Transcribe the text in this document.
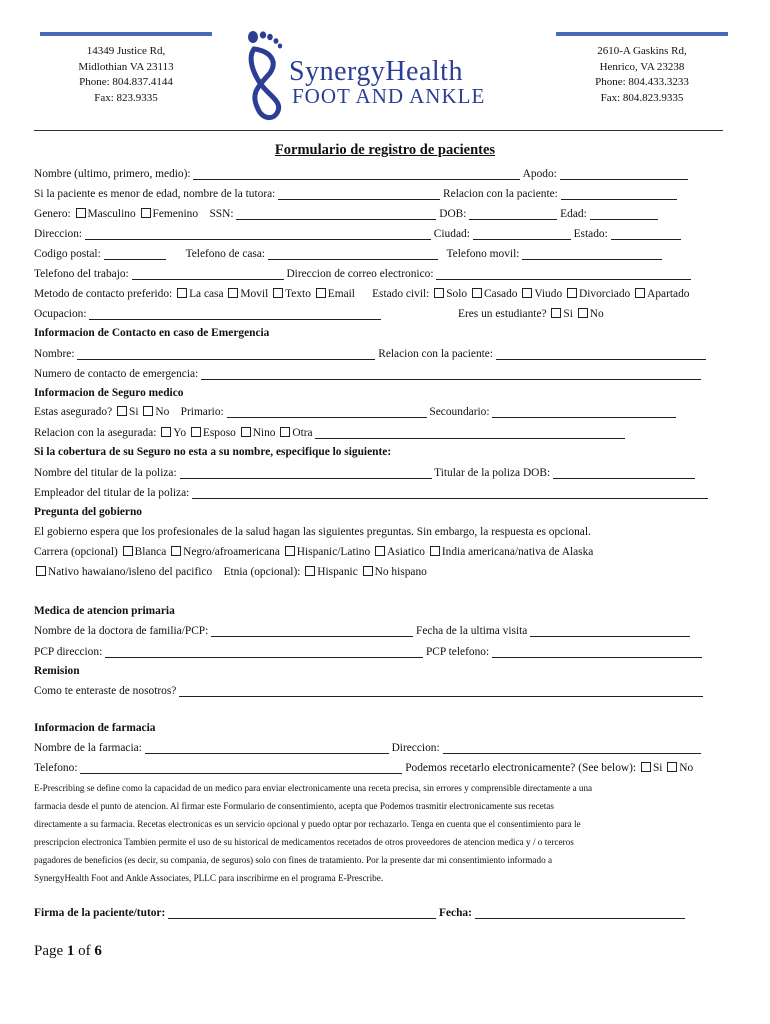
14349 Justice Rd,
Midlothian VA 23113
Phone: 804.837.4144
Fax: 823.9335
2610-A Gaskins Rd,
Henrico, VA 23238
Phone: 804.433.3233
Fax: 804.823.9335
SynergyHealth
FOOT AND ANKLE
Formulario de registro de pacientes
Nombre (ultimo, primero, medio):	Apodo:
Si la paciente es menor de edad, nombre de la tutora:	Relacion con la paciente:
Genero: Masculino Femenino SSN:	DOB:	Edad:
Direccion:	Ciudad:	Estado:
Codigo postal:	Telefono de casa:	Telefono movil:
Telefono del trabajo:	Direccion de correo electronico:
Metodo de contacto preferido: La casa Movil Texto Email Estado civil: Solo Casado Viudo Divorciado Apartado
Ocupacion:	Eres un estudiante? Si No
Informacion de Contacto en caso de Emergencia
Nombre:	Relacion con la paciente:
Numero de contacto de emergencia:
Informacion de Seguro medico
Estas asegurado? Si No Primario:	Secoundario:
Relacion con la asegurada: Yo Esposo Nino Otra
Si la cobertura de su Seguro no esta a su nombre, especifique lo siguiente:
Nombre del titular de la poliza:	Titular de la poliza DOB:
Empleador del titular de la poliza:
Pregunta del gobierno
El gobierno espera que los profesionales de la salud hagan las siguientes preguntas. Sin embargo, la respuesta es opcional.
Carrera (opcional) Blanca Negro/afroamericana Hispanic/Latino Asiatico India americana/nativa de Alaska
Nativo hawaiano/isleno del pacifico Etnia (opcional): Hispanic No hispano
Medica de atencion primaria
Nombre de la doctora de familia/PCP:	Fecha de la ultima visita
PCP direccion:	PCP telefono:
Remision
Como te enteraste de nosotros?
Informacion de farmacia
Nombre de la farmacia:	Direccion:
Telefono:	Podemos recetarlo electronicamente? (See below): Si No
E-Prescribing se define como la capacidad de un medico para enviar electronicamente una receta precisa, sin errores y comprensible directamente a una
farmacia desde el punto de atencion. Al firmar este Formulario de consentimiento, acepta que Podemos trasmitir electronicamente sus recetas
directamente a su farmacia. Recetas electronicas es un servicio opcional y puedo optar por rechazarlo. Tenga en cuenta que el consentimiento para le
prescripcion electronica Tambien permite el uso de su historical de medicamentos recetados de otros proveedores de atencion medica y / o terceros
pagadores de beneficios (es decir, su compania, de seguros) solo con fines de tratamiento. Por la presente dar mi consentimiento informado a
SynergyHealth Foot and Ankle Associates, PLLC para inscribirme en el programa E-Prescribe.
Firma de la paciente/tutor:	Fecha:
Page 1 of 6
